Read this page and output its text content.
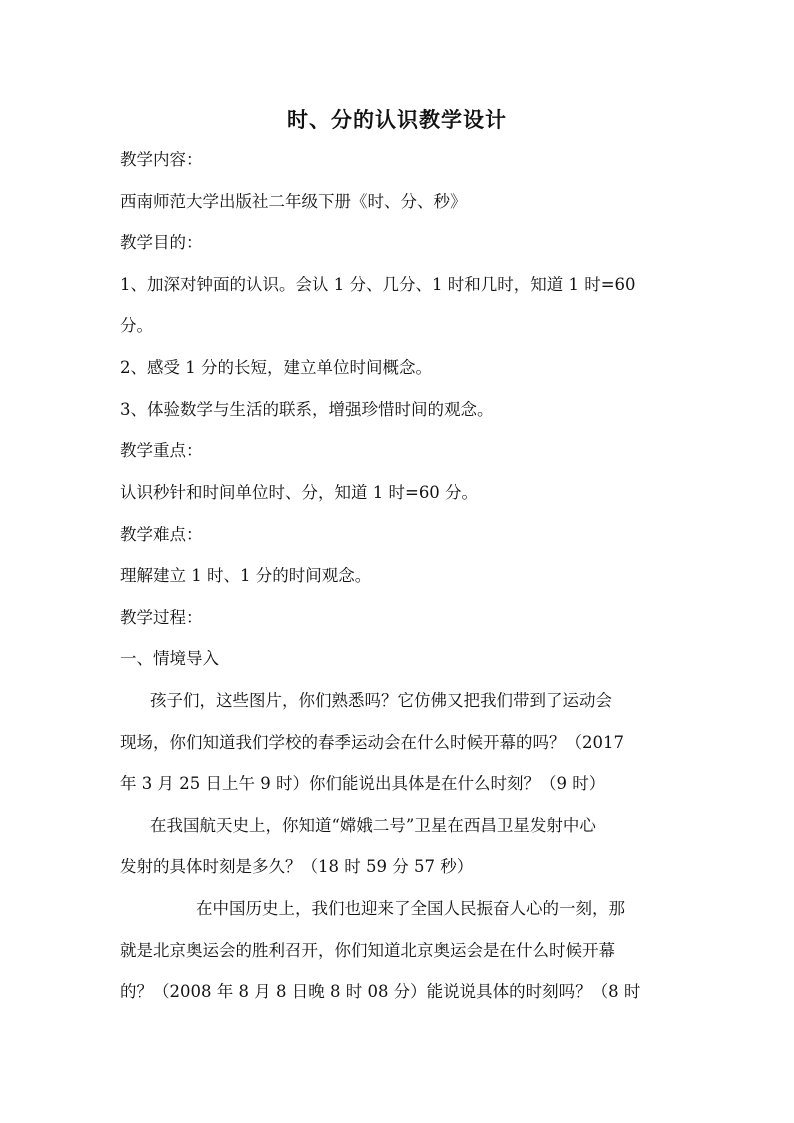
时、分的认识教学设计
教学内容：
西南师范大学出版社二年级下册《时、分、秒》
教学目的：
1、加深对钟面的认识。会认 1 分、几分、1 时和几时，知道 1 时=60
分。
2、感受 1 分的长短，建立单位时间概念。
3、体验数学与生活的联系，增强珍惜时间的观念。
教学重点：
认识秒针和时间单位时、分，知道 1 时=60 分。
教学难点：
理解建立 1 时、1 分的时间观念。
教学过程：
一、情境导入
孩子们，这些图片，你们熟悉吗？它仿佛又把我们带到了运动会
现场，你们知道我们学校的春季运动会在什么时候开幕的吗？（2017
年 3 月 25 日上午 9 时）你们能说出具体是在什么时刻？（9 时）
在我国航天史上，你知道“嫦娥二号”卫星在西昌卫星发射中心
发射的具体时刻是多久？（18 时 59 分 57 秒）
在中国历史上，我们也迎来了全国人民振奋人心的一刻，那
就是北京奥运会的胜利召开，你们知道北京奥运会是在什么时候开幕
的？（2008 年 8 月 8 日晚 8 时 08 分）能说说具体的时刻吗？（8 时
